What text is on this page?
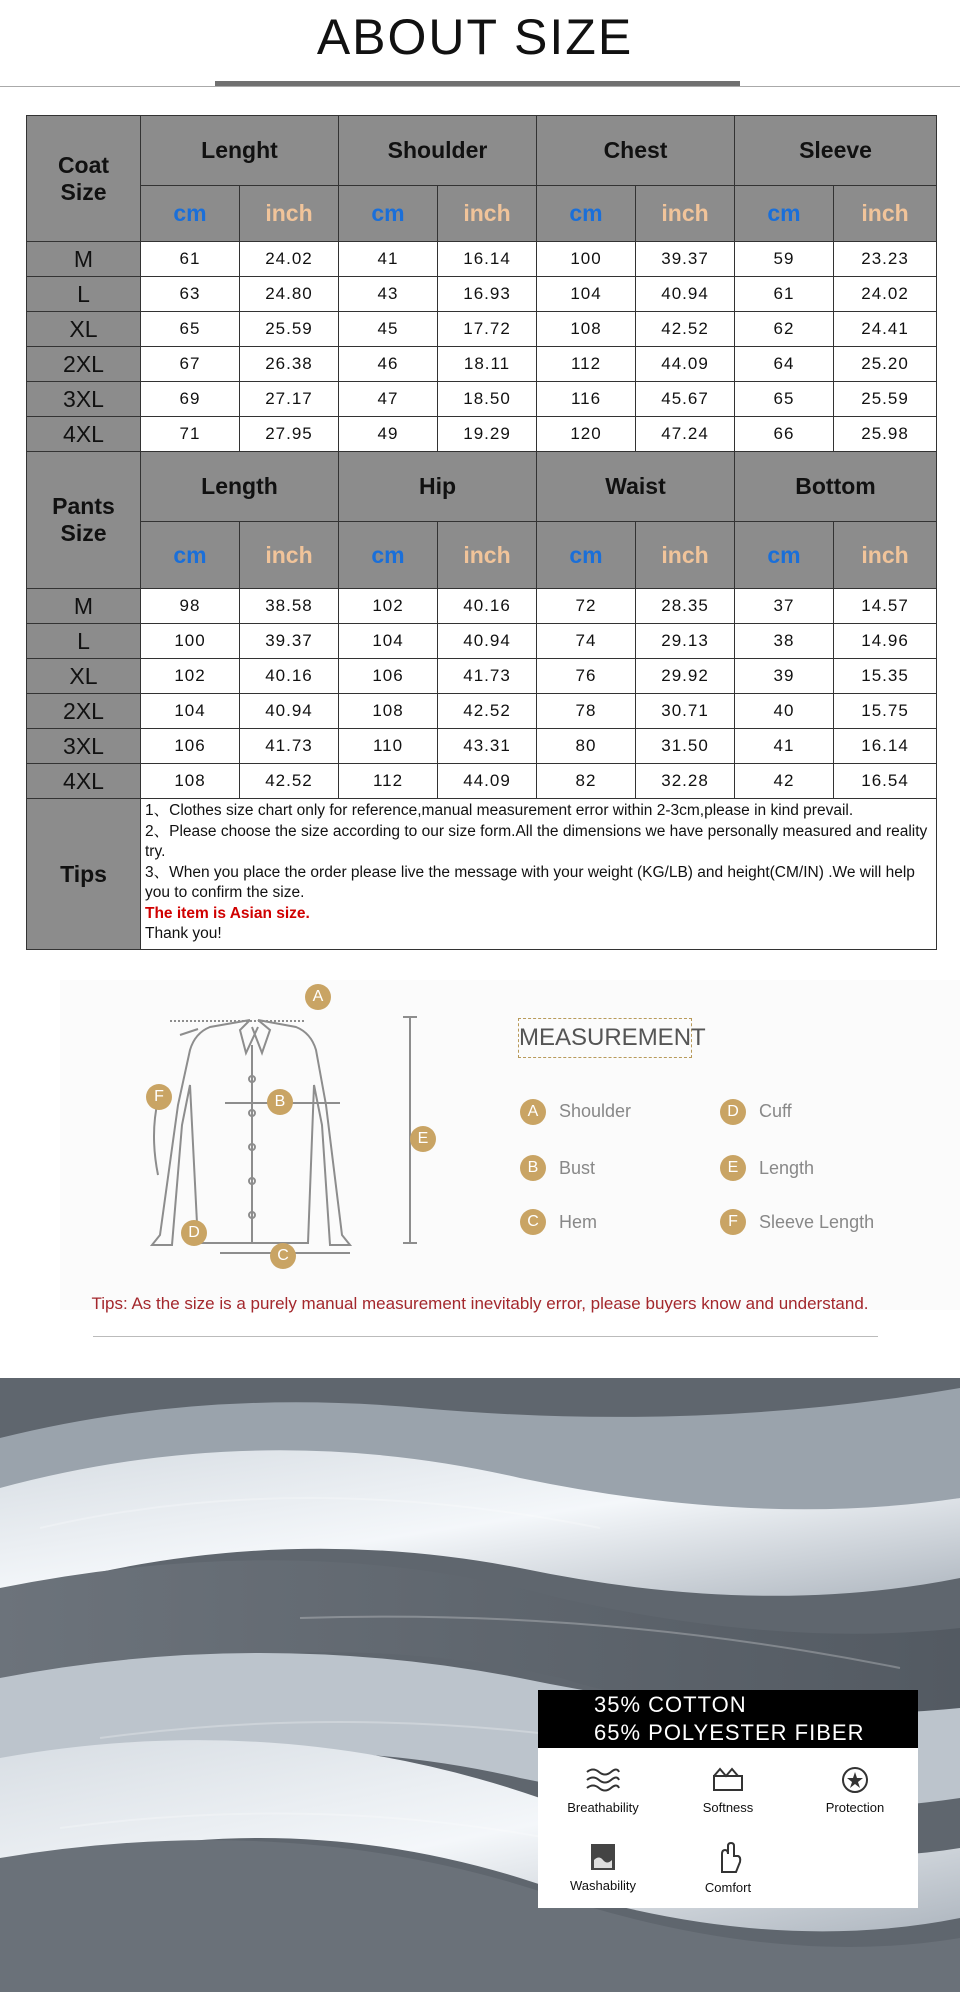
ABOUT SIZE
Coat
Size	Lenght		Shoulder		Chest		Sleeve	
	cm	inch	cm	inch	cm	inch	cm	inch
M	61	24.02	41	16.14	100	39.37	59	23.23
L	63	24.80	43	16.93	104	40.94	61	24.02
XL	65	25.59	45	17.72	108	42.52	62	24.41
2XL	67	26.38	46	18.11	112	44.09	64	25.20
3XL	69	27.17	47	18.50	116	45.67	65	25.59
4XL	71	27.95	49	19.29	120	47.24	66	25.98
Pants
Size	Length		Hip		Waist		Bottom	
	cm	inch	cm	inch	cm	inch	cm	inch
M	98	38.58	102	40.16	72	28.35	37	14.57
L	100	39.37	104	40.94	74	29.13	38	14.96
XL	102	40.16	106	41.73	76	29.92	39	15.35
2XL	104	40.94	108	42.52	78	30.71	40	15.75
3XL	106	41.73	110	43.31	80	31.50	41	16.14
4XL	108	42.52	112	44.09	82	32.28	42	16.54
Tips	1、Clothes size chart only for reference,manual measurement error within 2-3cm,please in kind prevail.
2、Please choose the size according to our size form.All the dimensions we have personally measured and reality try.
3、When you place the order please live the message with your weight (KG/LB) and height(CM/IN) .We will help you to confirm the size.
The item is Asian size.
Thank you!							
A
B
C
D
E
F
MEASUREMENT
A	Shoulder	D	Cuff
B	Bust	E	Length
C	Hem	F	Sleeve Length
Tips: As the size is a purely manual measurement inevitably error, please buyers know and understand.
35% COTTON
65% POLYESTER FIBER
Breathability	Softness	Protection
Washability	Comfort
